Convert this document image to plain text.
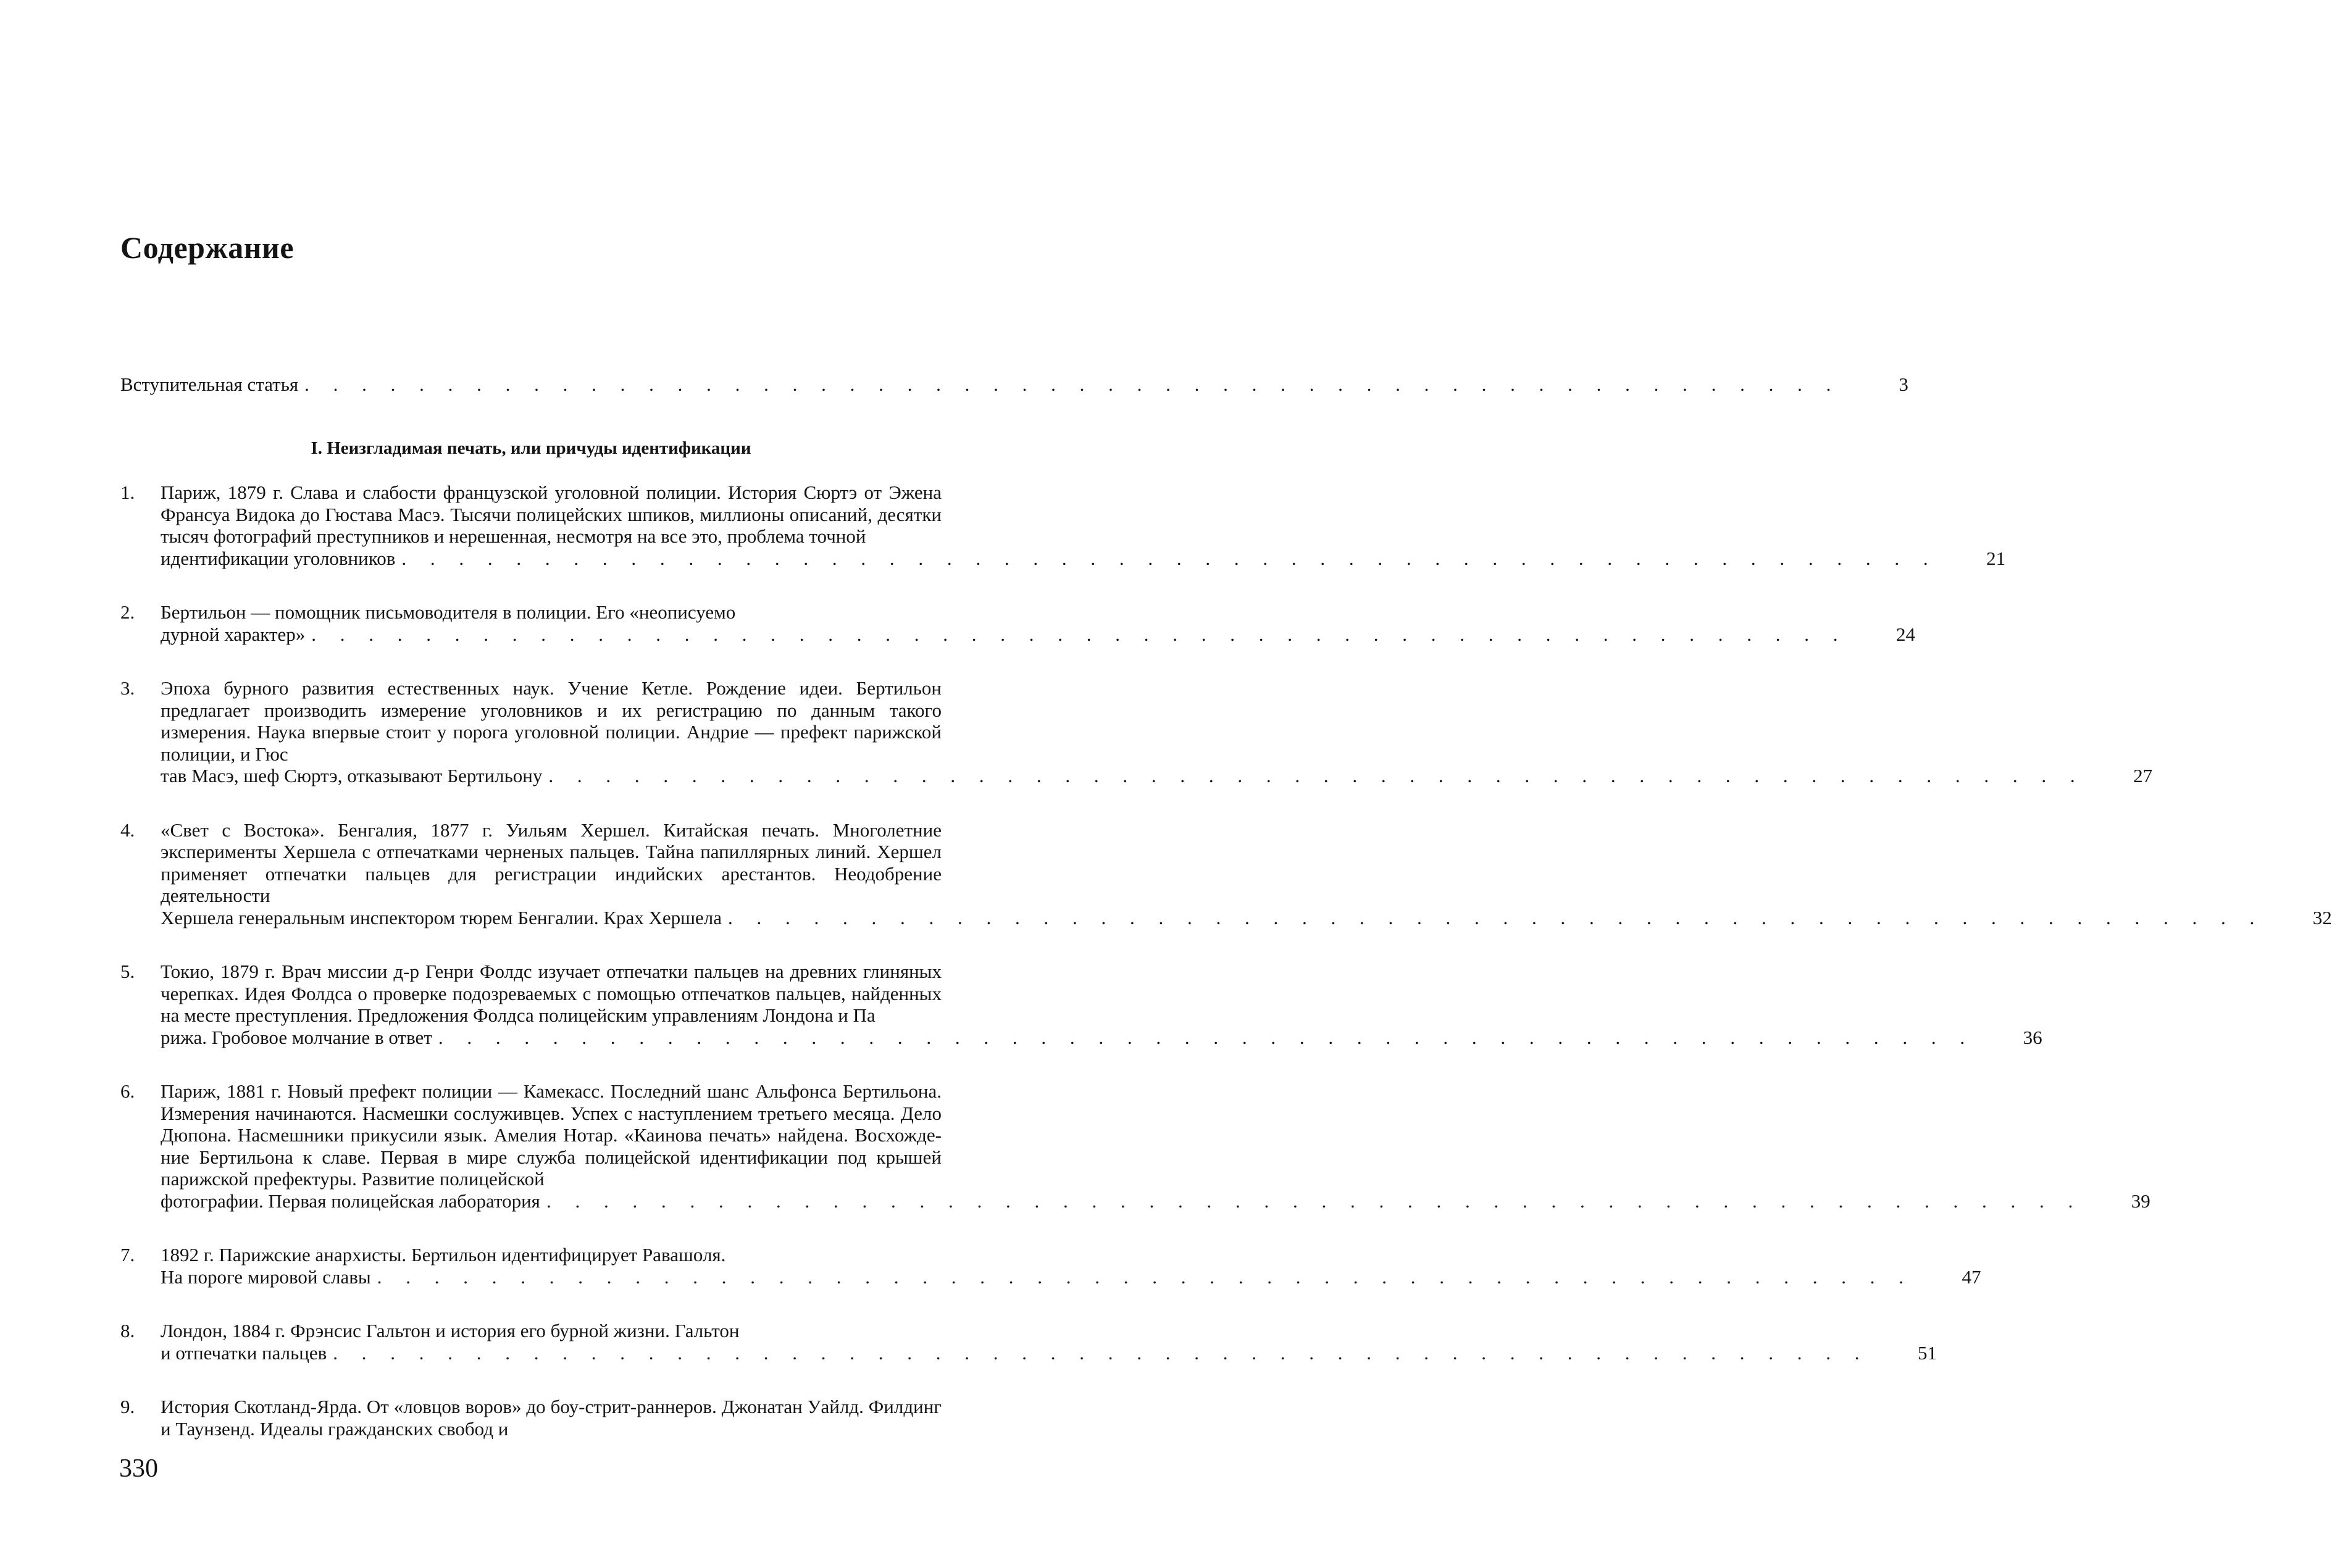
Содержание
Вступительная статья . . . . . . . . . . . . . . . . . . . . . . . . . . . . . . . . . . . . . . . . . . . . . . . . . . . . . .	3
I. Неизгладимая печать, или причуды идентификации
1.	Париж, 1879 г. Слава и слабости французской уголовной полиции. История Сюртэ от Эжена Франсуа Видока до Гюстава Масэ. Тысячи полицейских шпиков, миллионы описаний, десятки тысяч фотографий преступников и нерешенная, несмотря на все это, проблема точной
идентификации уголовников . . . . . . . . . . . . . . . . . . . . . . . . . . . . . . . . . . . . . . . . . . . . . . . . . . . . . .	21
2.	Бертильон — помощник письмоводителя в полиции. Его «неописуемо
дурной характер» . . . . . . . . . . . . . . . . . . . . . . . . . . . . . . . . . . . . . . . . . . . . . . . . . . . . . .	24
3.	Эпоха бурного развития естественных наук. Учение Кетле. Рождение идеи. Бертильон предлагает производить измерение уголовников и их регистрацию по данным такого измерения. Наука впервые стоит у порога уголовной полиции. Андрие — префект парижской полиции, и Гюс
тав Масэ, шеф Сюртэ, отказывают Бертильону . . . . . . . . . . . . . . . . . . . . . . . . . . . . . . . . . . . . . . . . . . . . . . . . . . . . . .	27
4.	«Свет с Востока». Бенгалия, 1877 г. Уильям Хершел. Китайская печать. Многолетние эксперименты Хершела с отпечатками черненых пальцев. Тайна папиллярных линий. Хершел применяет отпечатки пальцев для регистрации индийских арестантов. Неодобрение деятельности
Хершела генеральным инспектором тюрем Бенгалии. Крах Хершела . . . . . . . . . . . . . . . . . . . . . . . . . . . . . . . . . . . . . . . . . . . . . . . . . . . . . .	32
5.	Токио, 1879 г. Врач миссии д-р Генри Фолдс изучает отпечатки пальцев на древних глиняных черепках. Идея Фолдса о проверке подозреваемых с помощью отпечатков пальцев, найденных на месте преступления. Предложения Фолдса полицейским управлениям Лондона и Па
рижа. Гробовое молчание в ответ . . . . . . . . . . . . . . . . . . . . . . . . . . . . . . . . . . . . . . . . . . . . . . . . . . . . . .	36
6.	Париж, 1881 г. Новый префект полиции — Камекасс. Последний шанс Альфонса Бертильона. Измерения начинаются. Насмешки сослуживцев. Успех с наступлением третьего месяца. Дело Дюпона. Насмешники прикусили язык. Амелия Нотар. «Каинова печать» найдена. Восхождение Бертильона к славе. Первая в мире служба полицейской идентификации под крышей парижской префектуры. Развитие полицейской
фотографии. Первая полицейская лаборатория . . . . . . . . . . . . . . . . . . . . . . . . . . . . . . . . . . . . . . . . . . . . . . . . . . . . . .	39
7.	1892 г. Парижские анархисты. Бертильон идентифицирует Равашоля.
На пороге мировой славы . . . . . . . . . . . . . . . . . . . . . . . . . . . . . . . . . . . . . . . . . . . . . . . . . . . . . .	47
8.	Лондон, 1884 г. Фрэнсис Гальтон и история его бурной жизни. Гальтон
и отпечатки пальцев . . . . . . . . . . . . . . . . . . . . . . . . . . . . . . . . . . . . . . . . . . . . . . . . . . . . . .	51
9.	История Скотланд-Ярда. От «ловцов воров» до боу-стрит-раннеров. Джонатан Уайлд. Филдинг и Таунзенд. Идеалы гражданских свобод и

330
